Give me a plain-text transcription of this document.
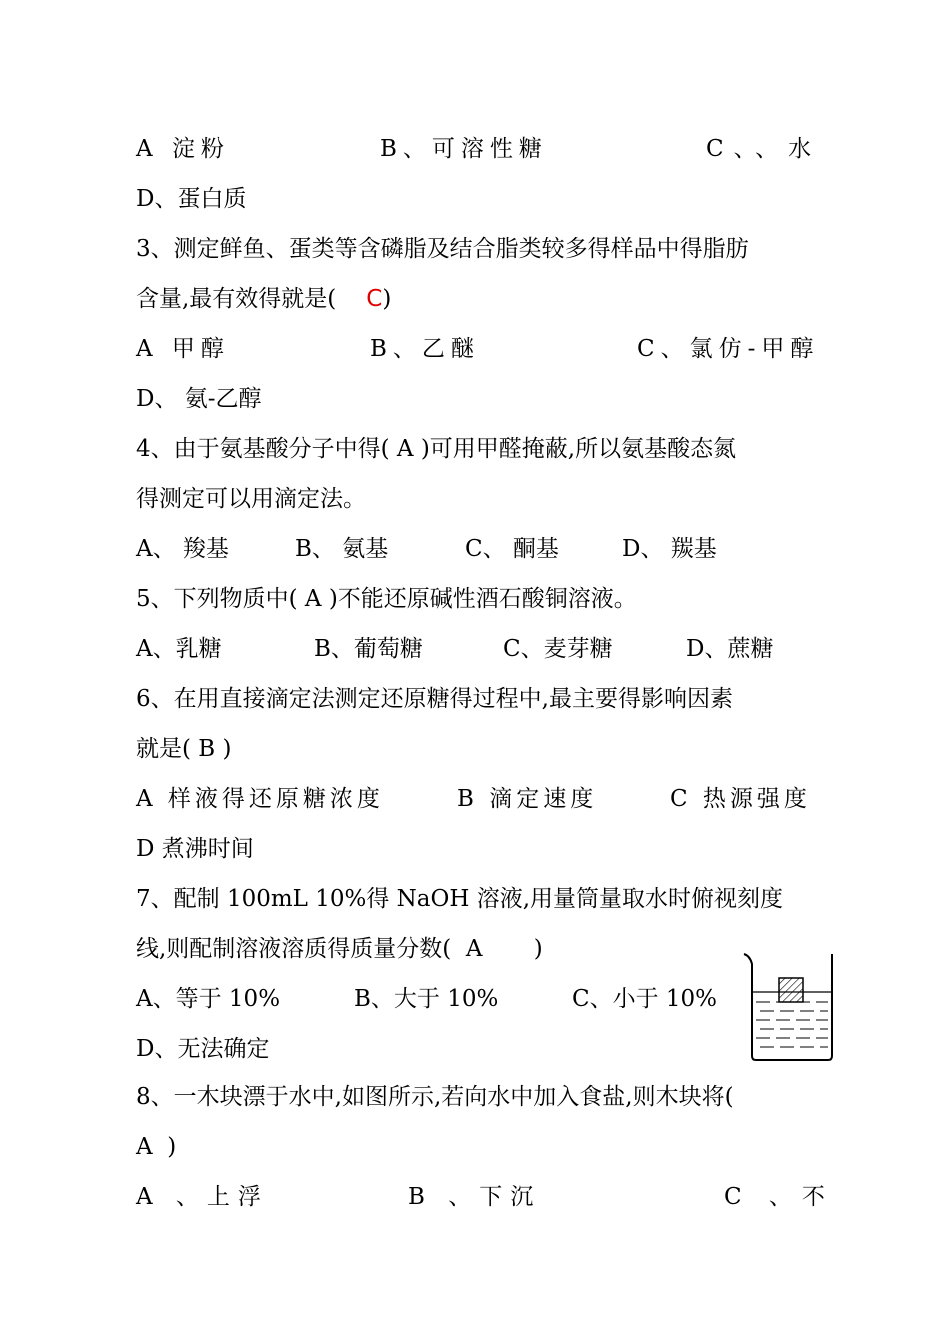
A 淀粉	B、可溶性糖	C、、水
D、蛋白质
3、测定鲜鱼、蛋类等含磷脂及结合脂类较多得样品中得脂肪
含量,最有效得就是( C)
A 甲醇	B、乙醚	C、氯仿-甲醇
D、 氨-乙醇
4、由于氨基酸分子中得( A )可用甲醛掩蔽,所以氨基酸态氮
得测定可以用滴定法。
A、 羧基	B、 氨基	C、 酮基	D、 羰基
5、下列物质中( A )不能还原碱性酒石酸铜溶液。
A、乳糖	B、葡萄糖	C、麦芽糖	D、蔗糖
6、在用直接滴定法测定还原糖得过程中,最主要得影响因素
就是( B )
A 样液得还原糖浓度	B 滴定速度	C 热源强度
D 煮沸时间
7、配制 100mL 10%得 NaOH 溶液,用量筒量取水时俯视刻度
线,则配制溶液溶质得质量分数(  A       )
A、等于 10%	B、大于 10%	C、小于 10%
D、无法确定
8、一木块漂于水中,如图所示,若向水中加入食盐,则木块将(
A  )
A 、上浮	B 、下沉	C 、不
